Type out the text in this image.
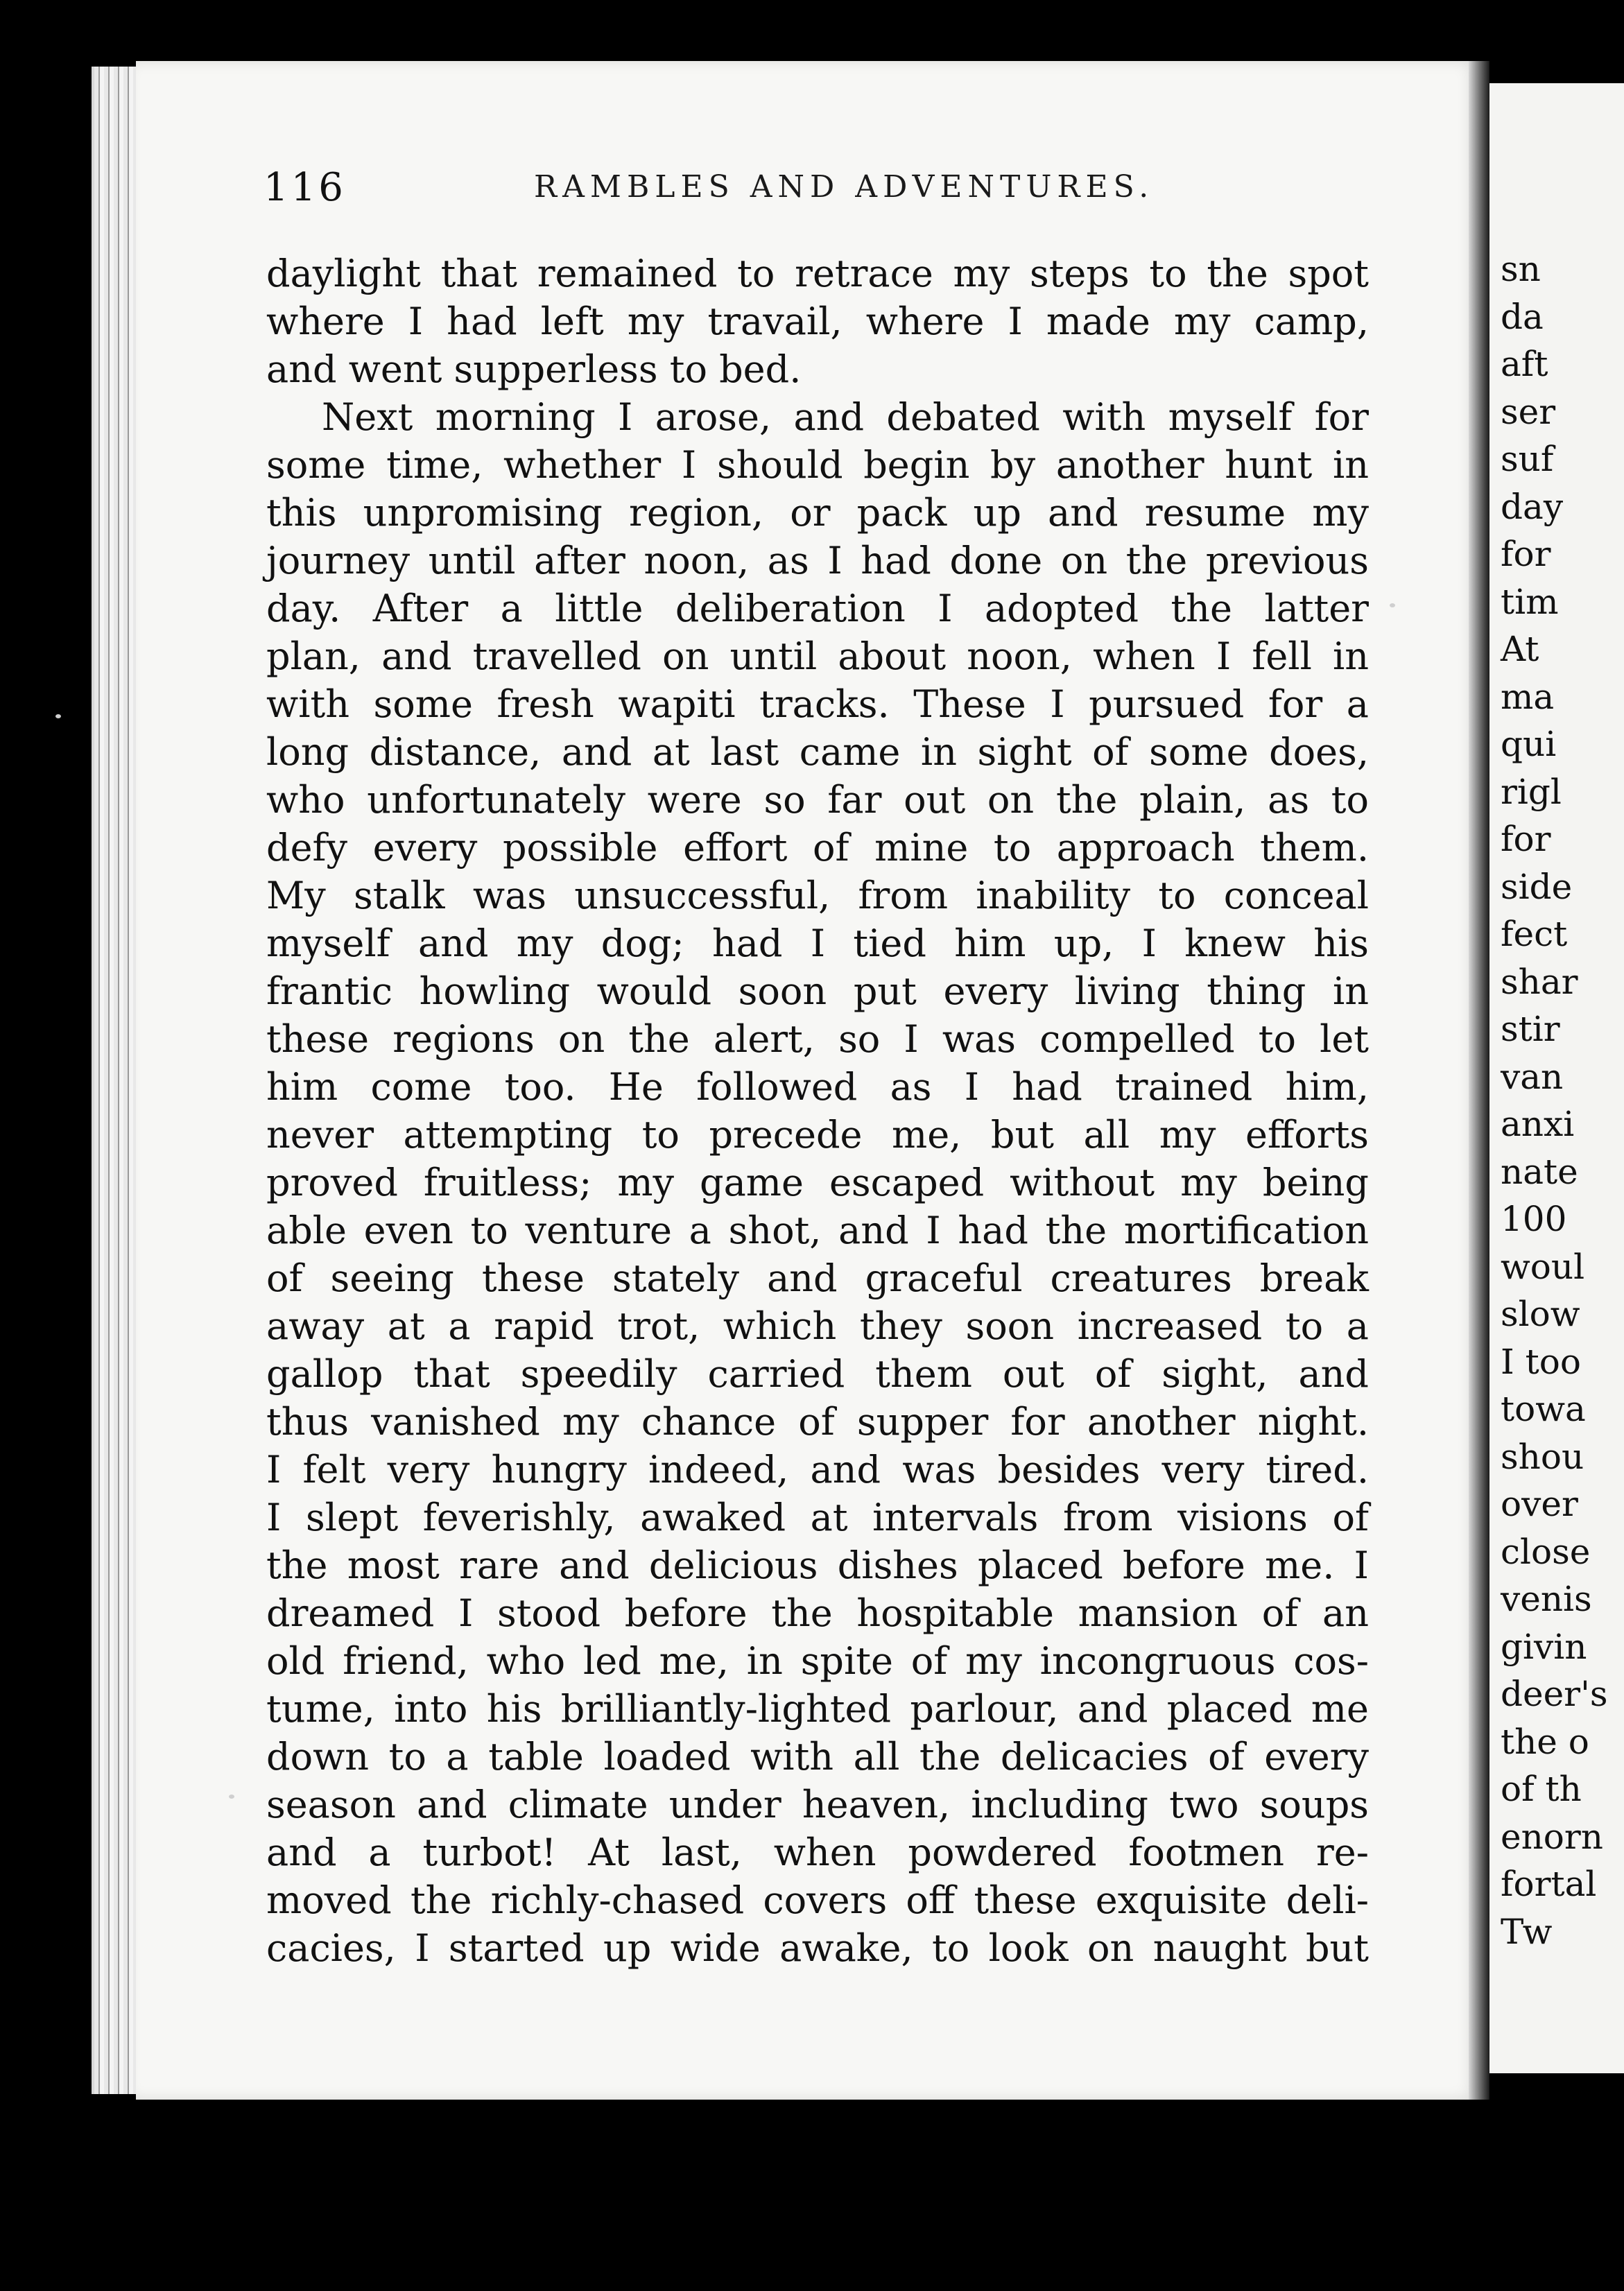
sn
da
aft
ser
suf
day
for
tim
At
ma
qui
rigl
for
side
fect
shar
stir
van
anxi
nate
100
woul
slow
I too
towa
shou
over
close
venis
givin
deer's
the o
of th
enorn
fortal
Tw
116	RAMBLES AND ADVENTURES.
daylight that remained to retrace my steps to the spot
where I had left my travail, where I made my camp,
and went supperless to bed.
Next morning I arose, and debated with myself for
some time, whether I should begin by another hunt in
this unpromising region, or pack up and resume my
journey until after noon, as I had done on the previous
day. After a little deliberation I adopted the latter
plan, and travelled on until about noon, when I fell in
with some fresh wapiti tracks. These I pursued for a
long distance, and at last came in sight of some does,
who unfortunately were so far out on the plain, as to
defy every possible effort of mine to approach them.
My stalk was unsuccessful, from inability to conceal
myself and my dog; had I tied him up, I knew his
frantic howling would soon put every living thing in
these regions on the alert, so I was compelled to let
him come too. He followed as I had trained him,
never attempting to precede me, but all my efforts
proved fruitless; my game escaped without my being
able even to venture a shot, and I had the mortification
of seeing these stately and graceful creatures break
away at a rapid trot, which they soon increased to a
gallop that speedily carried them out of sight, and
thus vanished my chance of supper for another night.
I felt very hungry indeed, and was besides very tired.
I slept feverishly, awaked at intervals from visions of
the most rare and delicious dishes placed before me. I
dreamed I stood before the hospitable mansion of an
old friend, who led me, in spite of my incongruous cos-
tume, into his brilliantly-lighted parlour, and placed me
down to a table loaded with all the delicacies of every
season and climate under heaven, including two soups
and a turbot! At last, when powdered footmen re-
moved the richly-chased covers off these exquisite deli-
cacies, I started up wide awake, to look on naught but
